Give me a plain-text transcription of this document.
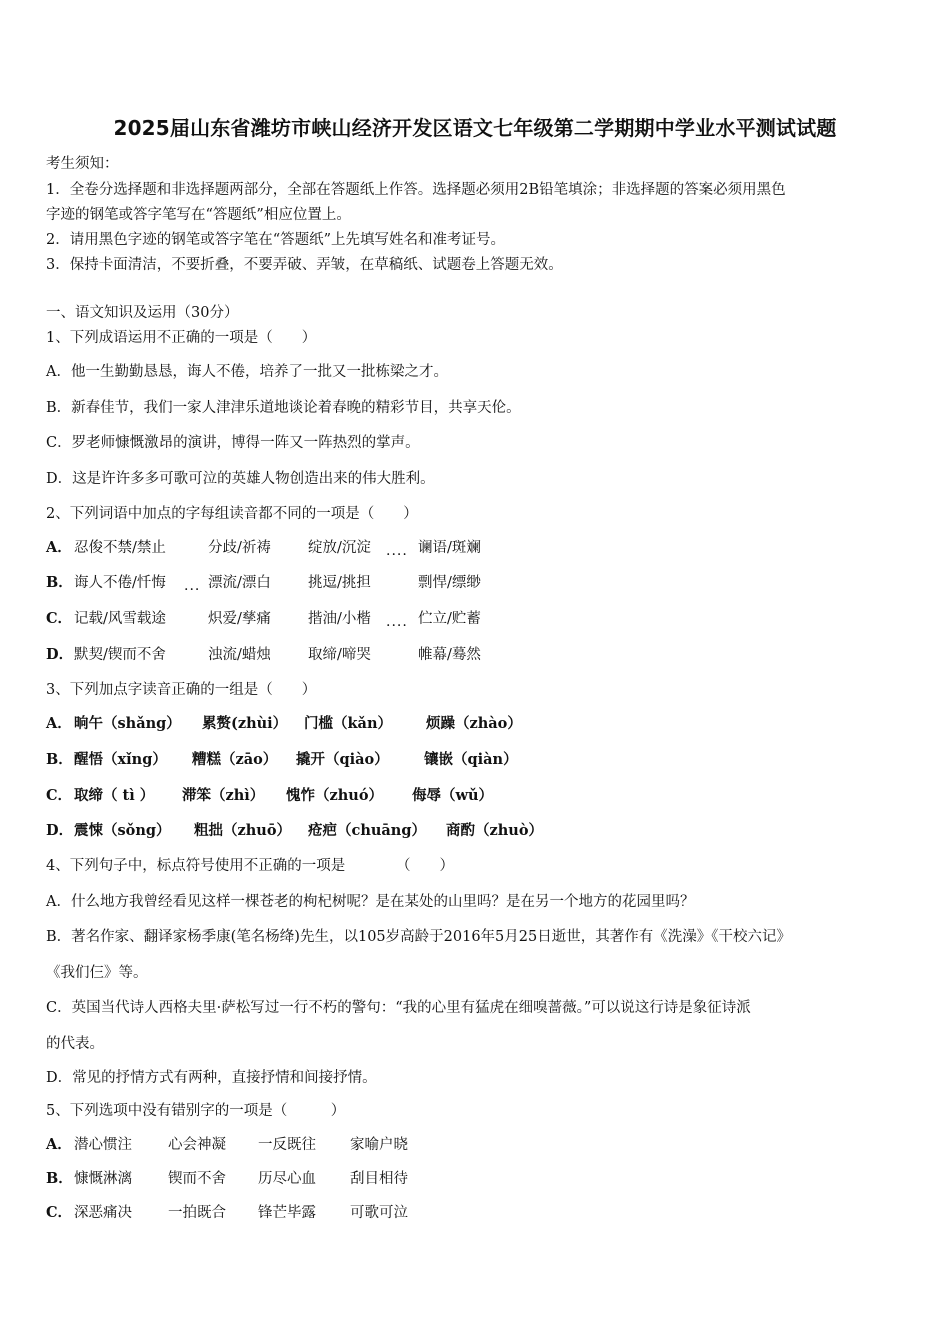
2025届山东省潍坊市峡山经济开发区语文七年级第二学期期中学业水平测试试题
考生须知：
1．全卷分选择题和非选择题两部分，全部在答题纸上作答。选择题必须用2B铅笔填涂；非选择题的答案必须用黑色
字迹的钢笔或答字笔写在“答题纸”相应位置上。
2．请用黑色字迹的钢笔或答字笔在“答题纸”上先填写姓名和准考证号。
3．保持卡面清洁，不要折叠，不要弄破、弄皱，在草稿纸、试题卷上答题无效。
一、语文知识及运用（30分）
1、下列成语运用不正确的一项是（　　）
A．他一生勤勤恳恳，诲人不倦，培养了一批又一批栋梁之才。
B．新春佳节，我们一家人津津乐道地谈论着春晚的精彩节目，共享天伦。
C．罗老师慷慨激昂的演讲，博得一阵又一阵热烈的掌声。
D．这是许许多多可歌可泣的英雄人物创造出来的伟大胜利。
2、下列词语中加点的字每组读音都不同的一项是（　　）
A． 忍俊不禁/禁止	分歧/祈祷	绽放/沉淀	谰语/斑斓
B． 诲人不倦/忏悔	漂流/漂白	挑逗/挑担	剽悍/缥缈
C． 记载/风雪载途	炽爱/孳痛	揩油/小楷	伫立/贮蓄
D． 默契/锲而不舍	浊流/蜡烛	取缔/啼哭	帷幕/蓦然
....
...
....
3、下列加点字读音正确的一组是（　　）
A． 晌午（shǎng） 累赘(zhùi） 门槛（kǎn） 烦躁（zhào）
B． 醒悟（xǐng） 糟糕（zāo） 撬开（qiào） 镶嵌（qiàn）
C． 取缔（ tì ） 滞笨（zhì） 愧怍（zhuó） 侮辱（wǔ）
D． 震悚（sǒng） 粗拙（zhuō） 疮疤（chuāng） 商酌（zhuò）
4、下列句子中，标点符号使用不正确的一项是　　　　（　　）
A．什么地方我曾经看见这样一棵苍老的枸杞树呢？是在某处的山里吗？是在另一个地方的花园里吗？
B．著名作家、翻译家杨季康(笔名杨绛)先生，以105岁高龄于2016年5月25日逝世，其著作有《洗澡》《干校六记》
《我们仨》等。
C．英国当代诗人西格夫里·萨松写过一行不朽的警句：“我的心里有猛虎在细嗅蔷薇。”可以说这行诗是象征诗派
的代表。
D．常见的抒情方式有两种，直接抒情和间接抒情。
5、下列选项中没有错别字的一项是（　　　）
A． 潜心惯注 心会神凝 一反既往 家喻户晓
B． 慷慨淋漓 锲而不舍 历尽心血 刮目相待
C． 深恶痛决 一拍既合 锋芒毕露 可歌可泣
